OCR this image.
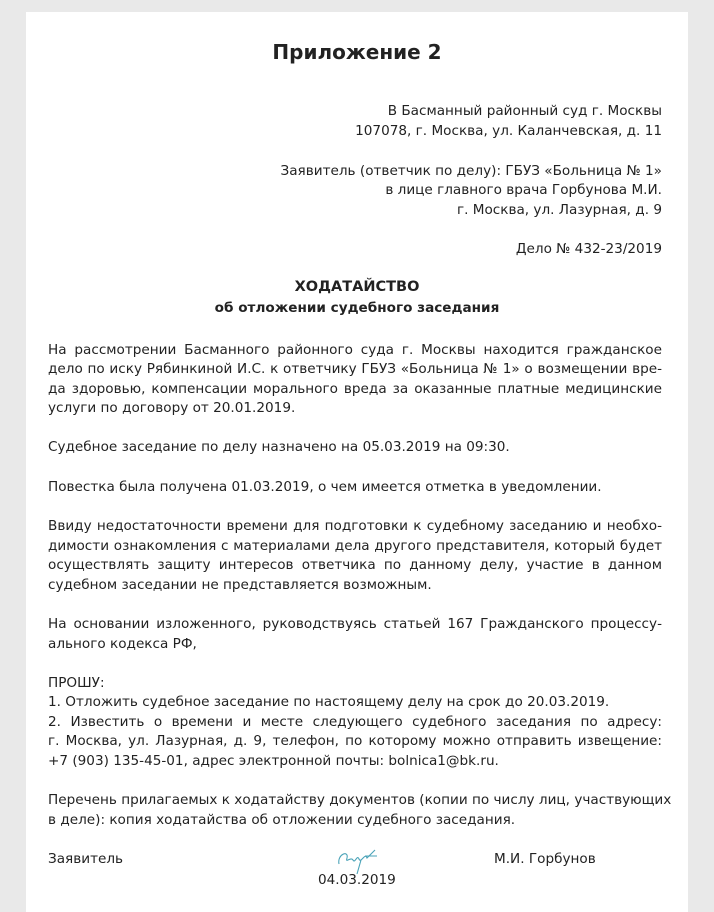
Приложение 2
В Басманный районный суд г. Москвы
107078, г. Москва, ул. Каланчевская, д. 11
Заявитель (ответчик по делу): ГБУЗ «Больница № 1»
в лице главного врача Горбунова М.И.
г. Москва, ул. Лазурная, д. 9
Дело № 432-23/2019
ХОДАТАЙСТВО
об отложении судебного заседания
На рассмотрении Басманного районного суда г. Москвы находится гражданское
дело по иску Рябинкиной И.С. к ответчику ГБУЗ «Больница № 1» о возмещении вре-
да здоровью, компенсации морального вреда за оказанные платные медицинские
услуги по договору от 20.01.2019.
Судебное заседание по делу назначено на 05.03.2019 на 09:30.
Повестка была получена 01.03.2019, о чем имеется отметка в уведомлении.
Ввиду недостаточности времени для подготовки к судебному заседанию и необхо-
димости ознакомления с материалами дела другого представителя, который будет
осуществлять защиту интересов ответчика по данному делу, участие в данном
судебном заседании не представляется возможным.
На основании изложенного, руководствуясь статьей 167 Гражданского процессу-
ального кодекса РФ,
ПРОШУ:
1. Отложить судебное заседание по настоящему делу на срок до 20.03.2019.
2. Известить о времени и месте следующего судебного заседания по адресу:
г. Москва, ул. Лазурная, д. 9, телефон, по которому можно отправить извещение:
+7 (903) 135-45-01, адрес электронной почты: bolnica1@bk.ru.
Перечень прилагаемых к ходатайству документов (копии по числу лиц, участвующих
в деле): копия ходатайства об отложении судебного заседания.
Заявитель
04.03.2019
М.И. Горбунов
